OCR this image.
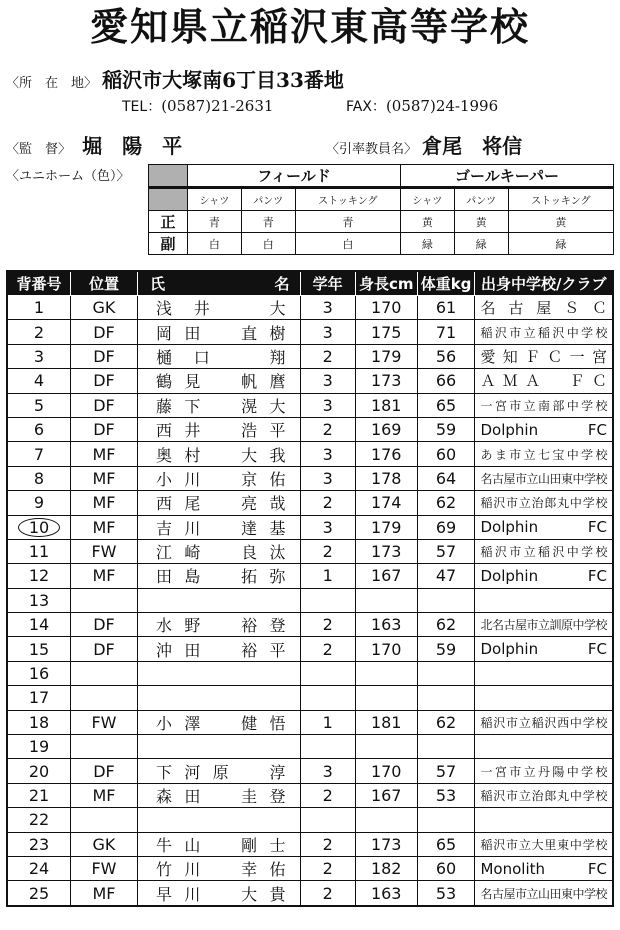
愛知県立稲沢東高等学校
〈所　在　地〉 稲沢市大塚南6丁目33番地
TEL：(0587)21-2631	FAX：(0587)24-1996
〈監　督〉 堀　陽　平	〈引率教員名〉 倉尾　将信
〈ユニホーム（色）〉
		フィールド			ゴールキーパー		
	シャツ	パンツ	ストッキング	シャツ	パンツ	ストッキング
正	青	青	青	黄	黄	黄
副	白	白	白	緑	緑	緑
背番号	位置	氏 名	学年	身長cm	体重kg	出身中学校/クラブ
1	GK	浅井　大	3	170	61	名古屋ＳＣ
2	DF	岡田　直樹	3	175	71	稲沢市立稲沢中学校
3	DF	樋口　翔	2	179	56	愛知ＦＣ一宮
4	DF	鶴見　帆麿	3	173	66	ＡＭＡ　ＦＣ
5	DF	藤下　滉大	3	181	65	一宮市立南部中学校
6	DF	西井　浩平	2	169	59	Dolphin FC
7	MF	奥村　大我	3	176	60	あま市立七宝中学校
8	MF	小川　京佑	3	178	64	名古屋市立山田東中学校
9	MF	西尾　亮哉	2	174	62	稲沢市立治郎丸中学校
10	MF	吉川　達基	3	179	69	Dolphin FC
11	FW	江崎　良汰	2	173	57	稲沢市立稲沢中学校
12	MF	田島　拓弥	1	167	47	Dolphin FC
13						
14	DF	水野　裕登	2	163	62	北名古屋市立訓原中学校
15	DF	沖田　裕平	2	170	59	Dolphin FC
16						
17						
18	FW	小澤　健悟	1	181	62	稲沢市立稲沢西中学校
19						
20	DF	下河原　淳	3	170	57	一宮市立丹陽中学校
21	MF	森田　圭登	2	167	53	稲沢市立治郎丸中学校
22						
23	GK	牛山　剛士	2	173	65	稲沢市立大里東中学校
24	FW	竹川　幸佑	2	182	60	Monolith FC
25	MF	早川　大貴	2	163	53	名古屋市立山田東中学校
